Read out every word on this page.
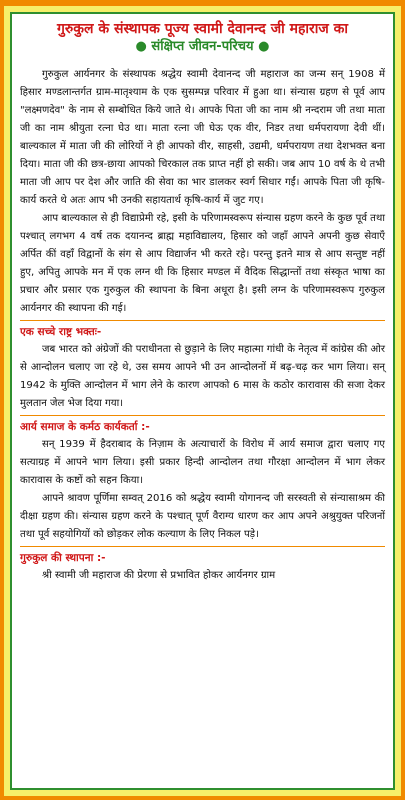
गुरुकुल के संस्थापक पूज्य स्वामी देवानन्द जी महाराज का
● संक्षिप्त जीवन-परिचय ●

गुरुकुल आर्यनगर के संस्थापक श्रद्धेय स्वामी देवानन्द जी महाराज का जन्म सन् 1908 में हिसार मण्डलान्तर्गत ग्राम-मातृश्याम के एक सुसम्पन्न परिवार में हुआ था। संन्यास ग्रहण से पूर्व आप "लक्ष्मणदेव" के नाम से सम्बोधित किये जाते थे। आपके पिता जी का नाम श्री नन्दराम जी तथा माता जी का नाम श्रीयुता रत्ना घेउ था। माता रत्ना जी घेऊ एक वीर, निडर तथा धर्मपरायणा देवी थीं। बाल्यकाल में माता जी की लोरियों ने ही आपको वीर, साहसी, उद्यमी, धर्मपरायण तथा देशभक्त बना दिया। माता जी की छत्र-छाया आपको चिरकाल तक प्राप्त नहीं हो सकी। जब आप 10 वर्ष के थे तभी माता जी आप पर देश और जाति की सेवा का भार डालकर स्वर्ग सिधार गईं। आपके पिता जी कृषि-कार्य करते थे अतः आप भी उनकी सहायतार्थ कृषि-कार्य में जुट गए।

आप बाल्यकाल से ही विद्याप्रेमी रहे, इसी के परिणामस्वरूप संन्यास ग्रहण करने के कुछ पूर्व तथा पश्चात् लगभग 4 वर्ष तक दयानन्द ब्राह्म महाविद्यालय, हिसार को जहाँ आपने अपनी कुछ सेवाएँ अर्पित कीं वहाँ विद्वानों के संग से आप विद्यार्जन भी करते रहे। परन्तु इतने मात्र से आप सन्तुष्ट नहीं हुए, अपितु आपके मन में एक लग्न थी कि हिसार मण्डल में वैदिक सिद्धान्तों तथा संस्कृत भाषा का प्रचार और प्रसार एक गुरुकुल की स्थापना के बिना अधूरा है। इसी लग्न के परिणामस्वरूप गुरुकुल आर्यनगर की स्थापना की गई।

एक सच्चे राष्ट्र भक्तः-

जब भारत को अंग्रेजों की पराधीनता से छुड़ाने के लिए महात्मा गांधी के नेतृत्व में कांग्रेस की ओर से आन्दोलन चलाए जा रहे थे, उस समय आपने भी उन आन्दोलनों में बढ़-चढ़ कर भाग लिया। सन् 1942 के मुक्ति आन्दोलन में भाग लेने के कारण आपको 6 मास के कठोर कारावास की सजा देकर मुलतान जेल भेज दिया गया।

आर्य समाज के कर्मठ कार्यकर्ता :-

सन् 1939 में हैदराबाद के निज़ाम के अत्याचारों के विरोध में आर्य समाज द्वारा चलाए गए सत्याग्रह में आपने भाग लिया। इसी प्रकार हिन्दी आन्दोलन तथा गौरक्षा आन्दोलन में भाग लेकर कारावास के कष्टों को सहन किया।

आपने श्रावण पूर्णिमा सम्वत् 2016 को श्रद्धेय स्वामी योगानन्द जी सरस्वती से संन्यासाश्रम की दीक्षा ग्रहण की। संन्यास ग्रहण करने के पश्चात् पूर्ण वैराग्य धारण कर आप अपने अश्रुयुक्त परिजनों तथा पूर्व सहयोगियों को छोड़कर लोक कल्याण के लिए निकल पड़े।

गुरुकुल की स्थापना :-

श्री स्वामी जी महाराज की प्रेरणा से प्रभावित होकर आर्यनगर ग्राम
